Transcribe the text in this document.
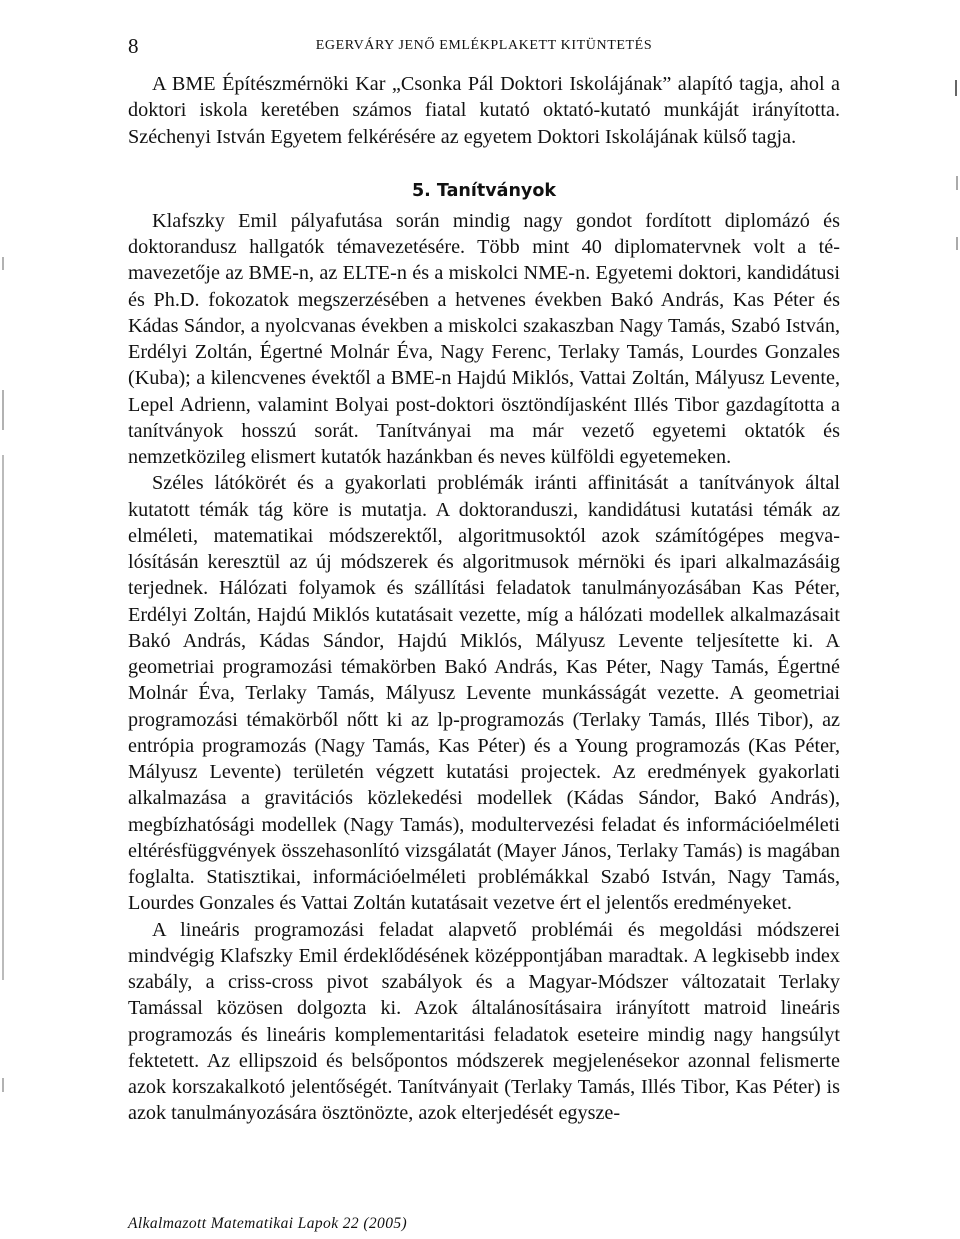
8	EGERVÁRY JENŐ EMLÉKPLAKETT KITÜNTETÉS

A BME Építészmérnöki Kar „Csonka Pál Doktori Iskolájának” alapító tagja, ahol a doktori iskola keretében számos fiatal kutató oktató-kutató munkáját irányította. Széchenyi István Egyetem felkérésére az egyetem Doktori Iskolájának külső tagja.

5. Tanítványok

Klafszky Emil pályafutása során mindig nagy gondot fordított diplomázó és doktorandusz hallgatók témavezetésére. Több mint 40 diplomatervnek volt a témavezetője az BME-n, az ELTE-n és a miskolci NME-n. Egyetemi doktori, kandidátusi és Ph.D. fokozatok megszerzésében a hetvenes években Bakó András, Kas Péter és Kádas Sándor, a nyolcvanas években a miskolci szakaszban Nagy Tamás, Szabó István, Erdélyi Zoltán, Égertné Molnár Éva, Nagy Ferenc, Terlaky Tamás, Lourdes Gonzales (Kuba); a kilencvenes évektől a BME-n Hajdú Miklós, Vattai Zoltán, Mályusz Levente, Lepel Adrienn, valamint Bolyai post-doktori ösztöndíjasként Illés Tibor gazdagította a tanítványok hosszú sorát. Tanítványai ma már vezető egyetemi oktatók és nemzetközileg elismert kutatók hazánkban és neves külföldi egyetemeken.

Széles látókörét és a gyakorlati problémák iránti affinitását a tanítványok által kutatott témák tág köre is mutatja. A doktoranduszi, kandidátusi kutatási témák az elméleti, matematikai módszerektől, algoritmusoktól azok számítógépes megvalósításán keresztül az új módszerek és algoritmusok mérnöki és ipari alkalmazásáig terjednek. Hálózati folyamok és szállítási feladatok tanulmányozásában Kas Péter, Erdélyi Zoltán, Hajdú Miklós kutatásait vezette, míg a hálózati modellek alkalmazásait Bakó András, Kádas Sándor, Hajdú Miklós, Mályusz Levente teljesítette ki. A geometriai programozási témakörben Bakó András, Kas Péter, Nagy Tamás, Égertné Molnár Éva, Terlaky Tamás, Mályusz Levente munkásságát vezette. A geometriai programozási témakörből nőtt ki az lp-programozás (Terlaky Tamás, Illés Tibor), az entrópia programozás (Nagy Tamás, Kas Péter) és a Young programozás (Kas Péter, Mályusz Levente) területén végzett kutatási projectek. Az eredmények gyakorlati alkalmazása a gravitációs közlekedési modellek (Kádas Sándor, Bakó András), megbízhatósági modellek (Nagy Tamás), modultervezési feladat és információelméleti eltérésfüggvények összehasonlító vizsgálatát (Mayer János, Terlaky Tamás) is magában foglalta. Statisztikai, információelméleti problémákkal Szabó István, Nagy Tamás, Lourdes Gonzales és Vattai Zoltán kutatásait vezetve ért el jelentős eredményeket.

A lineáris programozási feladat alapvető problémái és megoldási módszerei mindvégig Klafszky Emil érdeklődésének középpontjában maradtak. A legkisebb index szabály, a criss-cross pivot szabályok és a Magyar-Módszer változatait Terlaky Tamással közösen dolgozta ki. Azok általánosításaira irányított matroid lineáris programozás és lineáris komplementaritási feladatok eseteire mindig nagy hangsúlyt fektetett. Az ellipszoid és belsőpontos módszerek megjelenésekor azonnal felismerte azok korszakalkotó jelentőségét. Tanítványait (Terlaky Tamás, Illés Tibor, Kas Péter) is azok tanulmányozására ösztönözte, azok elterjedését egysze-

Alkalmazott Matematikai Lapok 22 (2005)
